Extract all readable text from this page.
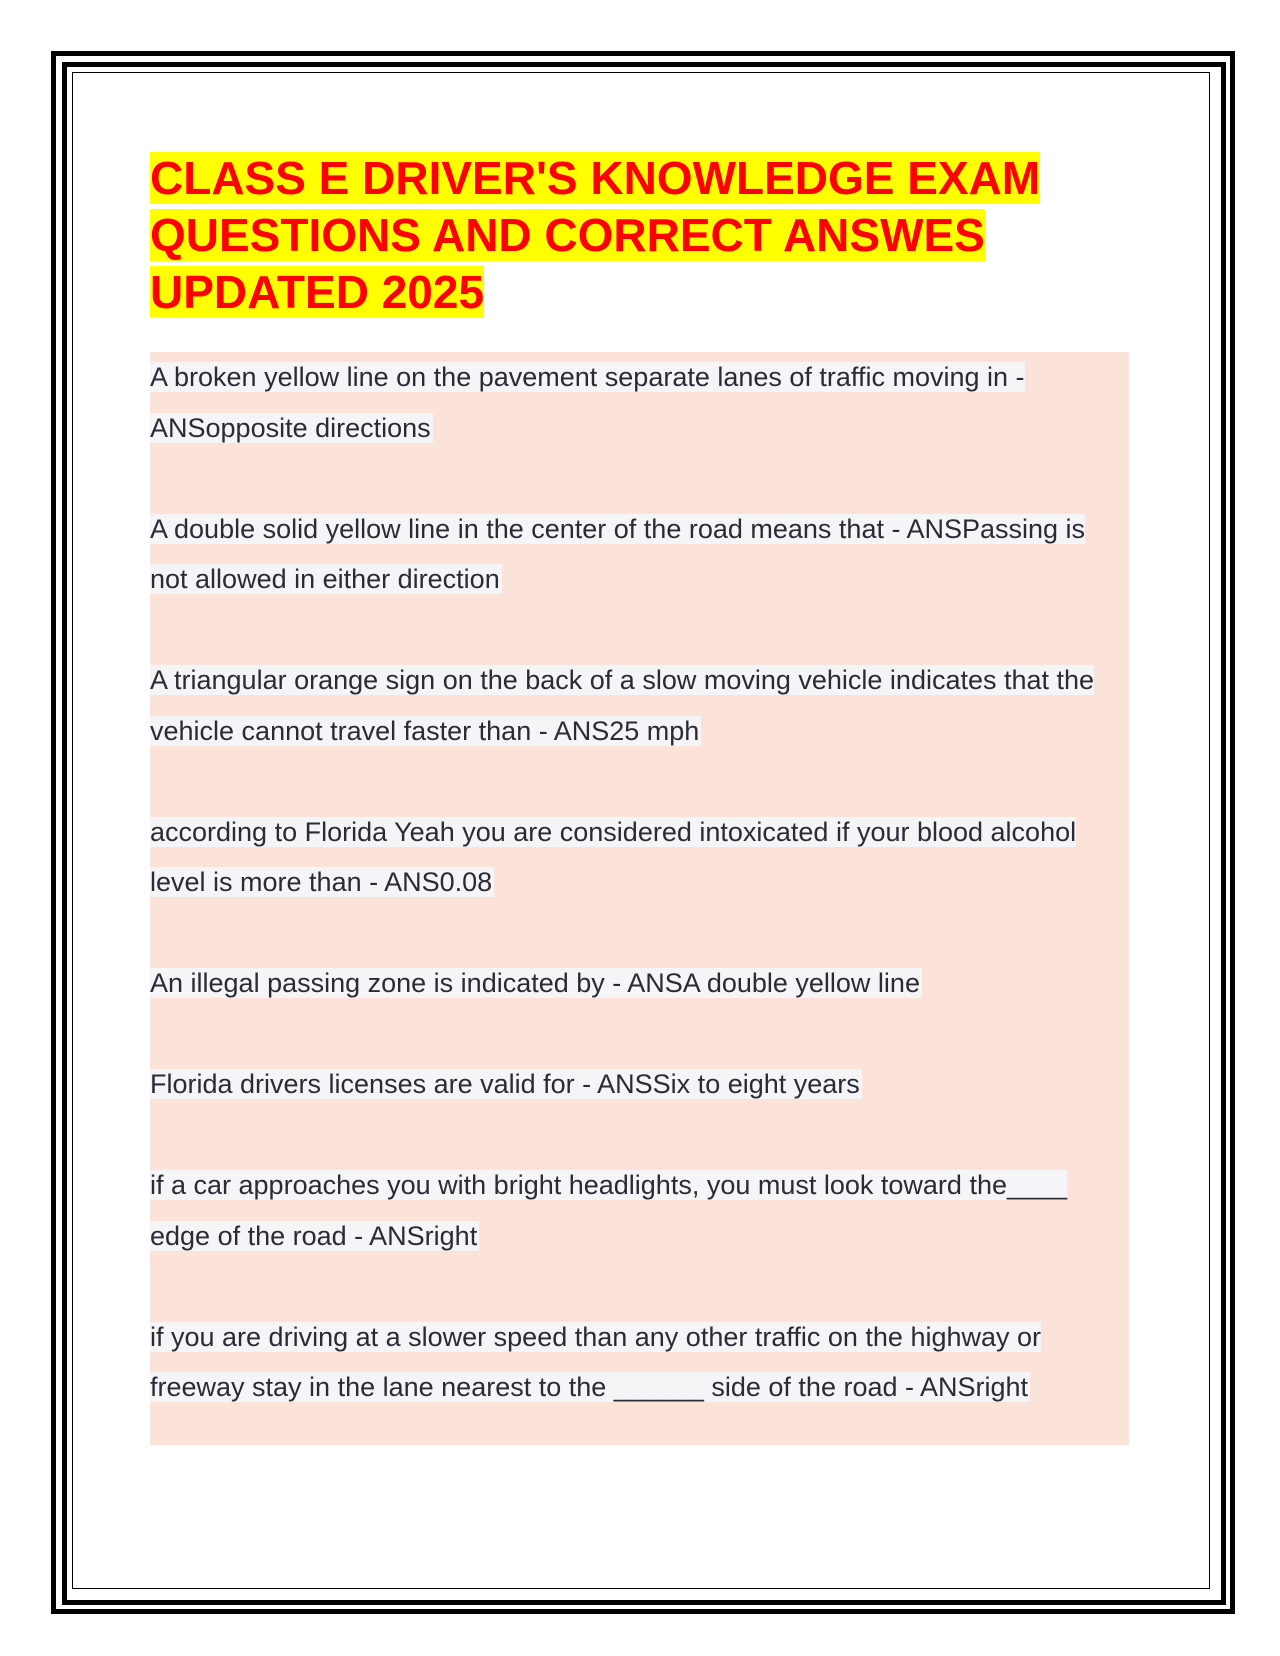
CLASS E DRIVER'S KNOWLEDGE EXAM QUESTIONS AND CORRECT ANSWES UPDATED 2025

A broken yellow line on the pavement separate lanes of traffic moving in - ANSopposite directions

A double solid yellow line in the center of the road means that - ANSPassing is not allowed in either direction

A triangular orange sign on the back of a slow moving vehicle indicates that the vehicle cannot travel faster than - ANS25 mph

according to Florida Yeah you are considered intoxicated if your blood alcohol level is more than - ANS0.08

An illegal passing zone is indicated by - ANSA double yellow line

Florida drivers licenses are valid for - ANSSix to eight years

if a car approaches you with bright headlights, you must look toward the____ edge of the road - ANSright

if you are driving at a slower speed than any other traffic on the highway or freeway stay in the lane nearest to the ______ side of the road - ANSright
